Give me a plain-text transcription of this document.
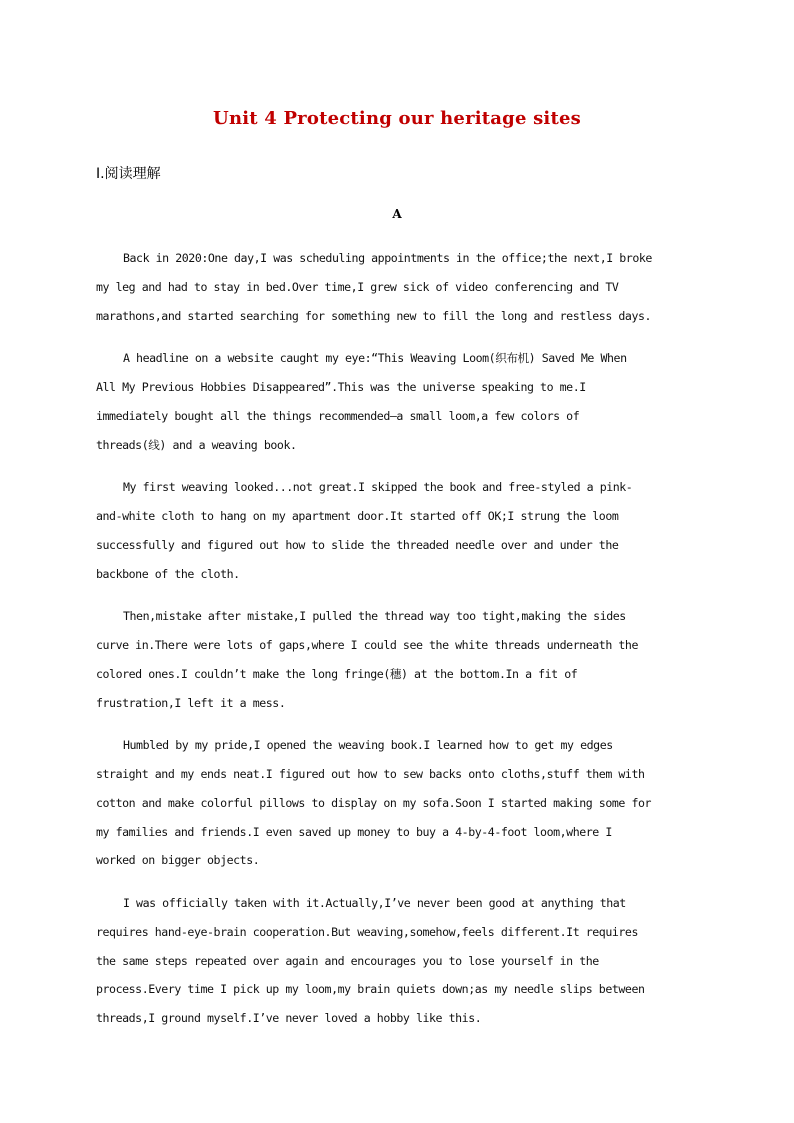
Unit 4 Protecting our heritage sites
Ⅰ.阅读理解
A
Back in 2020:One day,I was scheduling appointments in the office;the next,I broke
my leg and had to stay in bed.Over time,I grew sick of video conferencing and TV
marathons,and started searching for something new to fill the long and restless days.
A headline on a website caught my eye:“This Weaving Loom(织布机) Saved Me When
All My Previous Hobbies Disappeared”.This was the universe speaking to me.I
immediately bought all the things recommended—a small loom,a few colors of
threads(线) and a weaving book.
My first weaving looked...not great.I skipped the book and free-styled a pink-
and-white cloth to hang on my apartment door.It started off OK;I strung the loom
successfully and figured out how to slide the threaded needle over and under the
backbone of the cloth.
Then,mistake after mistake,I pulled the thread way too tight,making the sides
curve in.There were lots of gaps,where I could see the white threads underneath the
colored ones.I couldn’t make the long fringe(穗) at the bottom.In a fit of
frustration,I left it a mess.
Humbled by my pride,I opened the weaving book.I learned how to get my edges
straight and my ends neat.I figured out how to sew backs onto cloths,stuff them with
cotton and make colorful pillows to display on my sofa.Soon I started making some for
my families and friends.I even saved up money to buy a 4-by-4-foot loom,where I
worked on bigger objects.
I was officially taken with it.Actually,I’ve never been good at anything that
requires hand-eye-brain cooperation.But weaving,somehow,feels different.It requires
the same steps repeated over again and encourages you to lose yourself in the
process.Every time I pick up my loom,my brain quiets down;as my needle slips between
threads,I ground myself.I’ve never loved a hobby like this.
